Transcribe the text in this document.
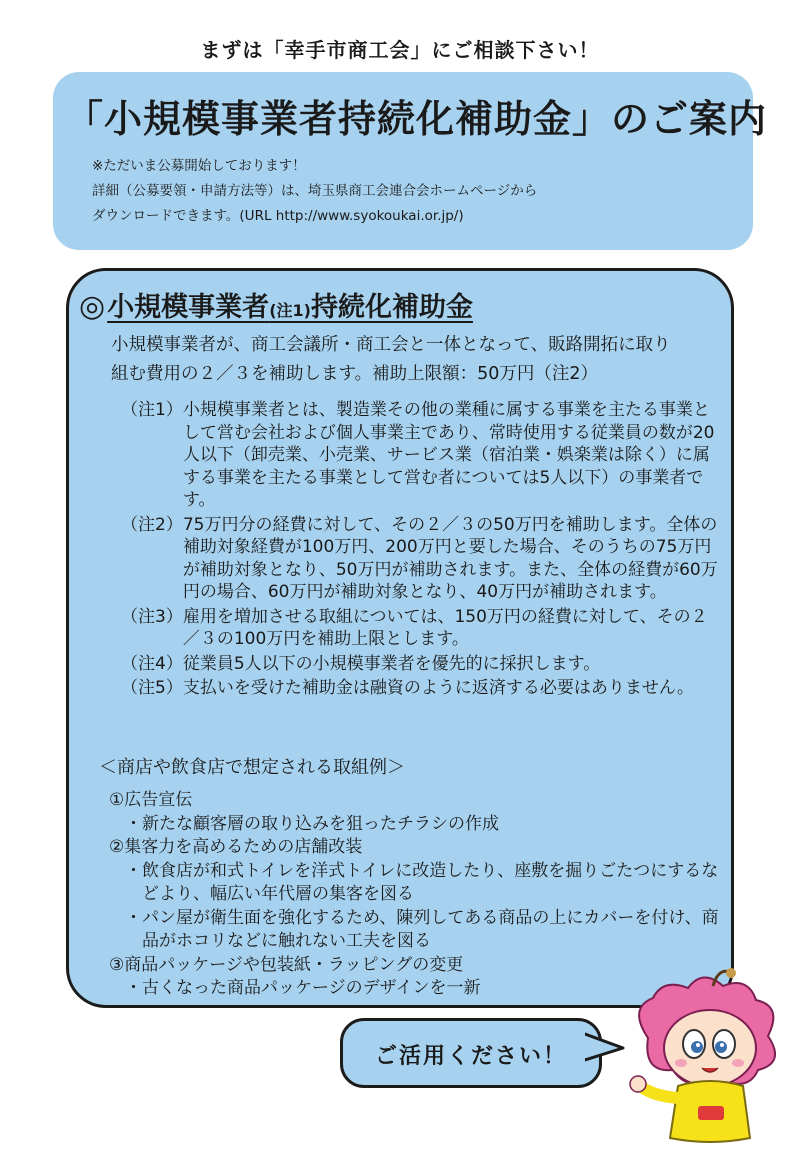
まずは「幸手市商工会」にご相談下さい！
「小規模事業者持続化補助金」のご案内
※ただいま公募開始しております！
詳細（公募要領・申請方法等）は、埼玉県商工会連合会ホームページから
ダウンロードできます。(URL http://www.syokoukai.or.jp/)
◎小規模事業者(注1)持続化補助金
小規模事業者が、商工会議所・商工会と一体となって、販路開拓に取り
組む費用の２／３を補助します。補助上限額：50万円（注2）
（注1） 小規模事業者とは、製造業その他の業種に属する事業を主たる事業として営む会社および個人事業主であり、常時使用する従業員の数が20人以下（卸売業、小売業、サービス業（宿泊業・娯楽業は除く）に属する事業を主たる事業として営む者については5人以下）の事業者です。
（注2） 75万円分の経費に対して、その２／３の50万円を補助します。全体の補助対象経費が100万円、200万円と要した場合、そのうちの75万円が補助対象となり、50万円が補助されます。また、全体の経費が60万円の場合、60万円が補助対象となり、40万円が補助されます。
（注3） 雇用を増加させる取組については、150万円の経費に対して、その２／３の100万円を補助上限とします。
（注4） 従業員5人以下の小規模事業者を優先的に採択します。
（注5） 支払いを受けた補助金は融資のように返済する必要はありません。
＜商店や飲食店で想定される取組例＞
①広告宣伝
・ 新たな顧客層の取り込みを狙ったチラシの作成
②集客力を高めるための店舗改装
・ 飲食店が和式トイレを洋式トイレに改造したり、座敷を掘りごたつにするなどより、幅広い年代層の集客を図る
・ パン屋が衛生面を強化するため、陳列してある商品の上にカバーを付け、商品がホコリなどに触れない工夫を図る
③商品パッケージや包装紙・ラッピングの変更
・ 古くなった商品パッケージのデザインを一新
ご活用ください！
